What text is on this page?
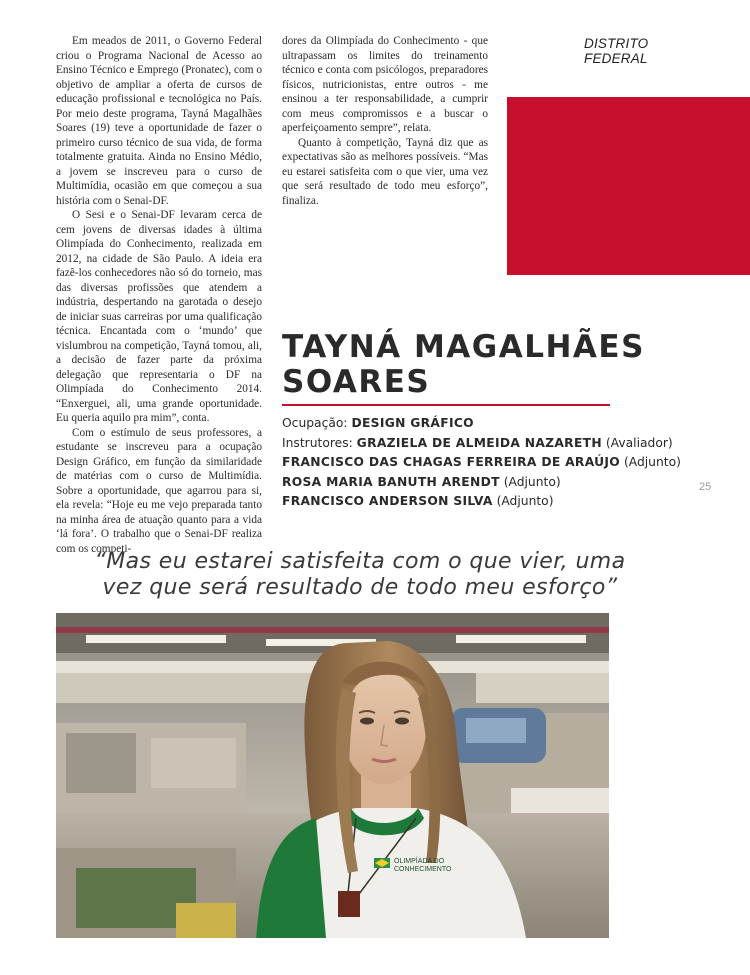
DISTRITO FEDERAL

Em meados de 2011, o Governo Federal criou o Programa Nacional de Acesso ao Ensino Técnico e Emprego (Pronatec), com o objetivo de ampliar a oferta de cursos de educação profissional e tecnológica no País. Por meio deste programa, Tayná Magalhães Soares (19) teve a oportunidade de fazer o primeiro curso técnico de sua vida, de forma totalmente gratuita. Ainda no Ensino Médio, a jovem se inscreveu para o curso de Multimídia, ocasião em que começou a sua história com o Senai-DF.

O Sesi e o Senai-DF levaram cerca de cem jovens de diversas idades à última Olimpíada do Conhecimento, realizada em 2012, na cidade de São Paulo. A ideia era fazê-los conhecedores não só do torneio, mas das diversas profissões que atendem a indústria, despertando na garotada o desejo de iniciar suas carreiras por uma qualificação técnica. Encantada com o ‘mundo’ que vislumbrou na competição, Tayná tomou, ali, a decisão de fazer parte da próxima delegação que representaria o DF na Olimpíada do Conhecimento 2014. “Enxerguei, ali, uma grande oportunidade. Eu queria aquilo pra mim”, conta.

Com o estímulo de seus professores, a estudante se inscreveu para a ocupação Design Gráfico, em função da similaridade de matérias com o curso de Multimídia. Sobre a oportunidade, que agarrou para si, ela revela: “Hoje eu me vejo preparada tanto na minha área de atuação quanto para a vida ‘lá fora’. O trabalho que o Senai-DF realiza com os competi-

dores da Olimpíada do Conhecimento - que ultrapassam os limites do treinamento técnico e conta com psicólogos, preparadores físicos, nutricionistas, entre outros - me ensinou a ter responsabilidade, a cumprir com meus compromissos e a buscar o aperfeiçoamento sempre”, relata.

Quanto à competição, Tayná diz que as expectativas são as melhores possíveis. “Mas eu estarei satisfeita com o que vier, uma vez que será resultado de todo meu esforço”, finaliza.

TAYNÁ MAGALHÃES
SOARES
Ocupação: DESIGN GRÁFICO
Instrutores: GRAZIELA DE ALMEIDA NAZARETH (Avaliador)
FRANCISCO DAS CHAGAS FERREIRA DE ARAÚJO (Adjunto)
ROSA MARIA BANUTH ARENDT (Adjunto)
FRANCISCO ANDERSON SILVA (Adjunto)
25
“Mas eu estarei satisfeita com o que vier, uma
vez que será resultado de todo meu esforço”
OLIMPÍADA DO
CONHECIMENTO
